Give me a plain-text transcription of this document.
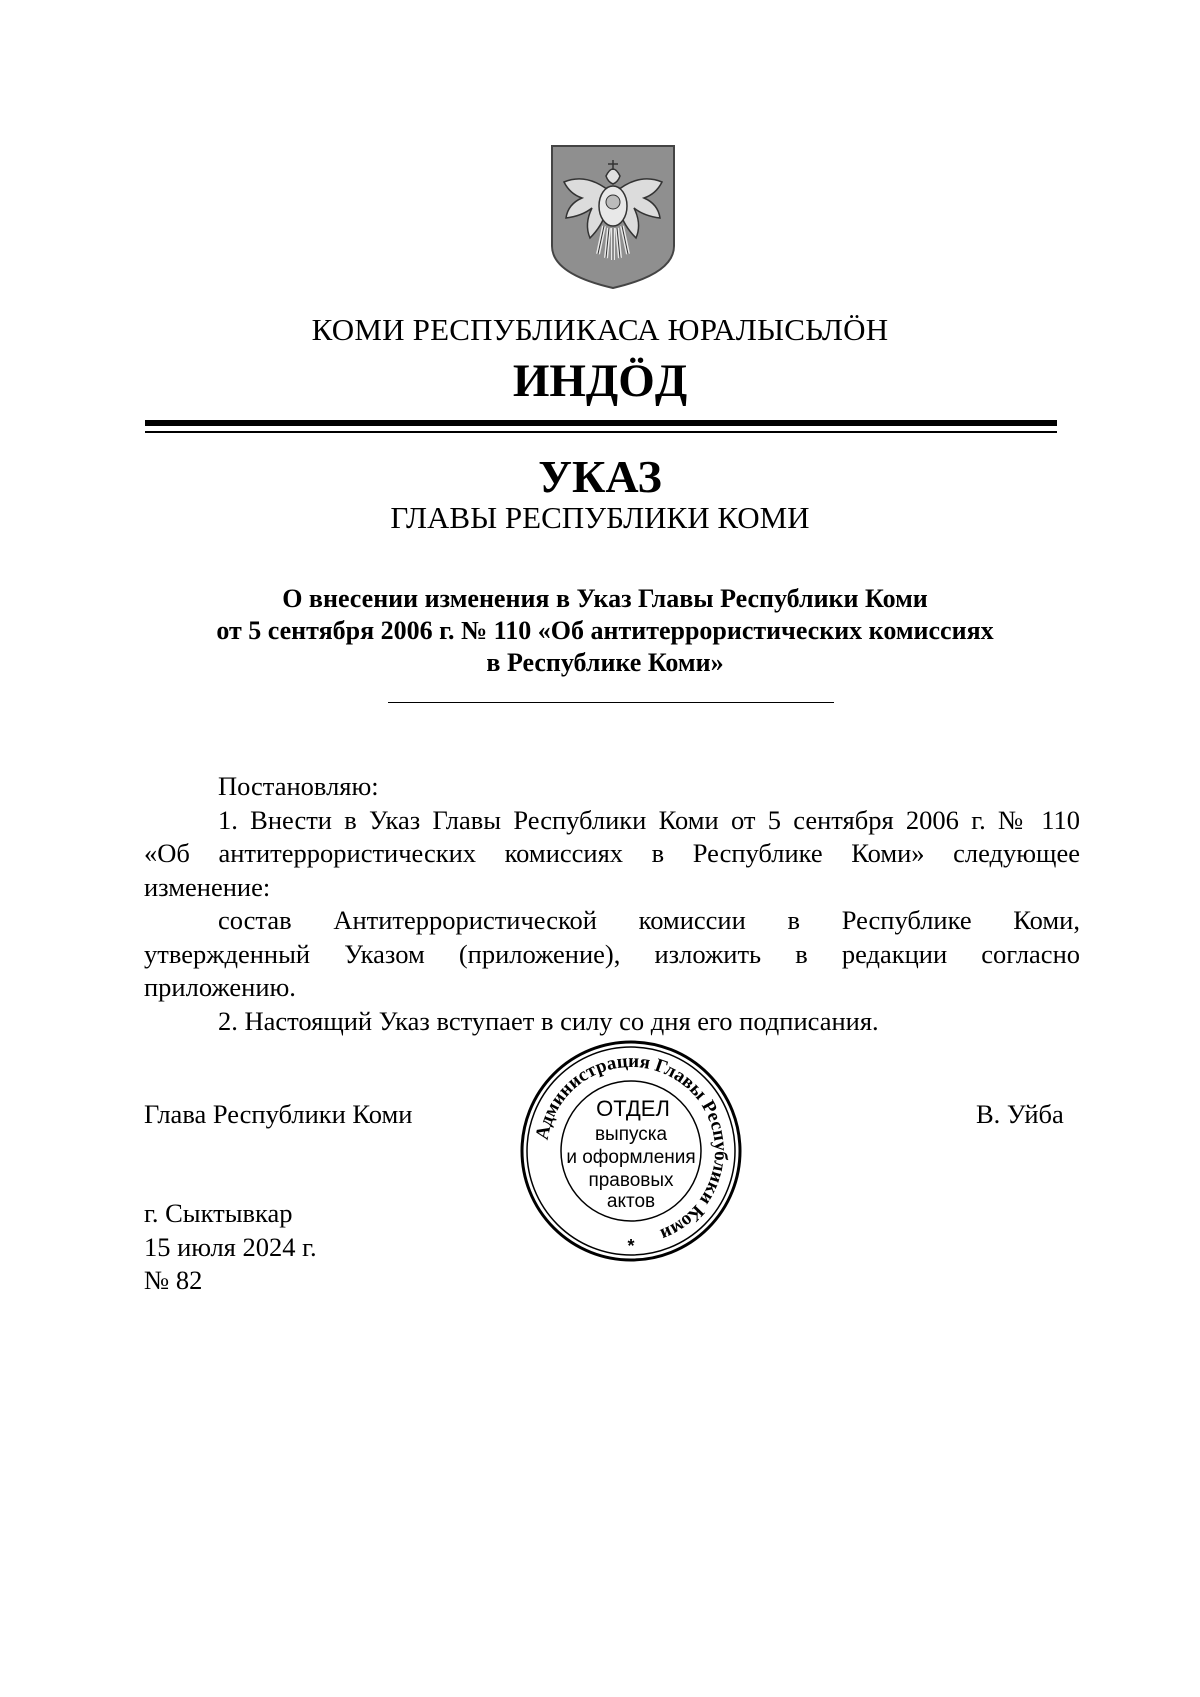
КОМИ РЕСПУБЛИКАСА ЮРАЛЫСЬЛÖН
ИНДÖД
УКАЗ
ГЛАВЫ РЕСПУБЛИКИ КОМИ
О внесении изменения в Указ Главы Республики Коми
от 5 сентября 2006 г. № 110 «Об антитеррористических комиссиях
в Республике Коми»

Постановляю:

1. Внести в Указ Главы Республики Коми от 5 сентября 2006 г. № 110

«Об антитеррористических комиссиях в Республике Коми» следующее

изменение:

состав Антитеррористической комиссии в Республике Коми,

утвержденный Указом (приложение), изложить в редакции согласно

приложению.

2. Настоящий Указ вступает в силу со дня его подписания.

Глава Республики Коми	В. Уйба
Администрация Главы Республики Коми
ОТДЕЛ
выпуска
и оформления
правовых
актов
*
г. Сыктывкар
15 июля 2024 г.
№ 82
